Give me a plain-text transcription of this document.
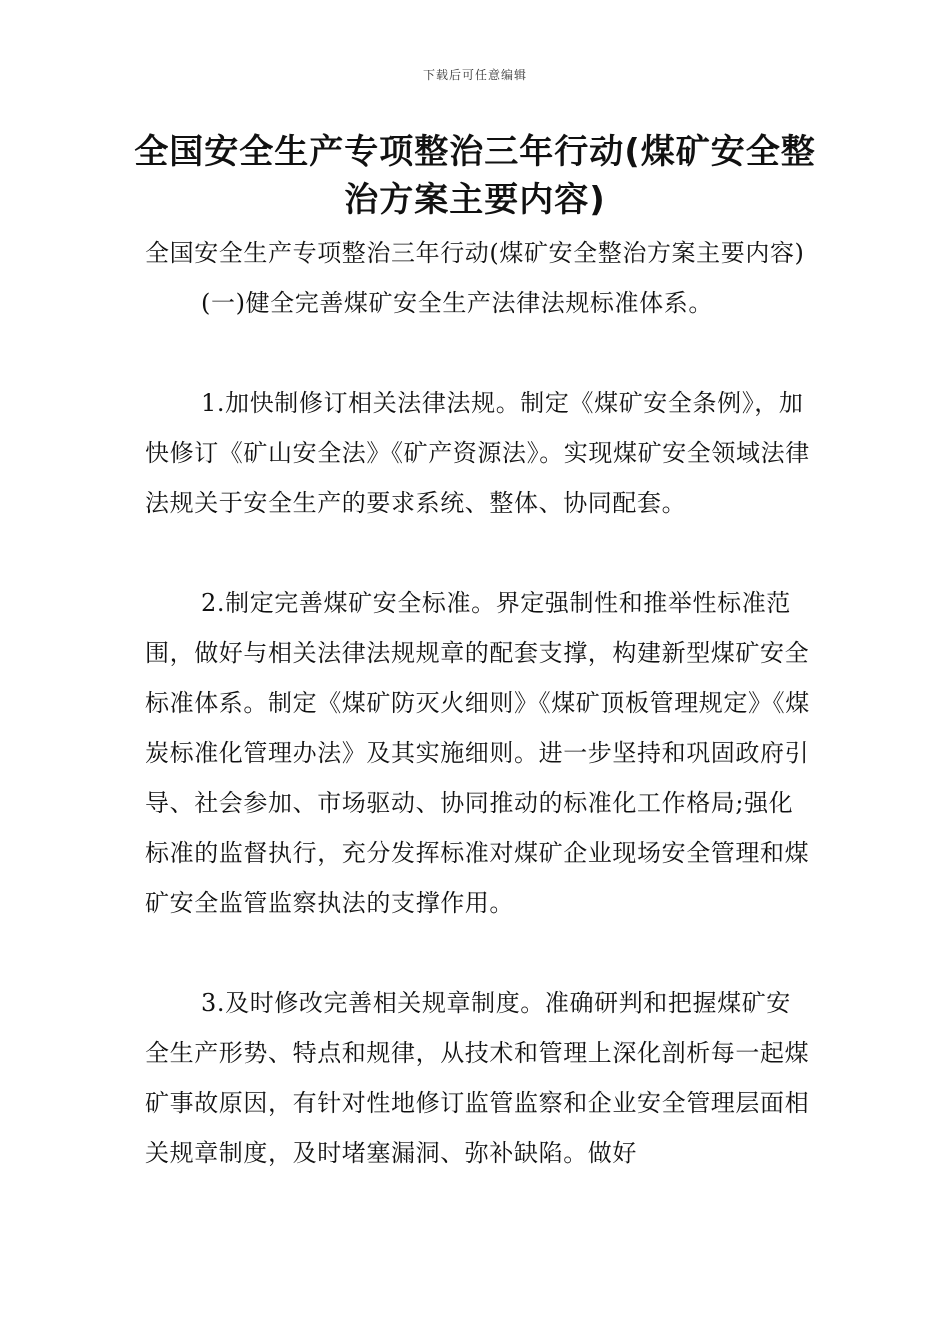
下载后可任意编辑
全国安全生产专项整治三年行动(煤矿安全整治方案主要内容)

全国安全生产专项整治三年行动(煤矿安全整治方案主要内容)

(一)健全完善煤矿安全生产法律法规标准体系。

1.加快制修订相关法律法规。制定《煤矿安全条例》，加快修订《矿山安全法》《矿产资源法》。实现煤矿安全领域法律法规关于安全生产的要求系统、整体、协同配套。

2.制定完善煤矿安全标准。界定强制性和推举性标准范围，做好与相关法律法规规章的配套支撑，构建新型煤矿安全标准体系。制定《煤矿防灭火细则》《煤矿顶板管理规定》《煤炭标准化管理办法》及其实施细则。进一步坚持和巩固政府引导、社会参加、市场驱动、协同推动的标准化工作格局;强化标准的监督执行，充分发挥标准对煤矿企业现场安全管理和煤矿安全监管监察执法的支撑作用。

3.及时修改完善相关规章制度。准确研判和把握煤矿安全生产形势、特点和规律，从技术和管理上深化剖析每一起煤矿事故原因，有针对性地修订监管监察和企业安全管理层面相关规章制度，及时堵塞漏洞、弥补缺陷。做好
